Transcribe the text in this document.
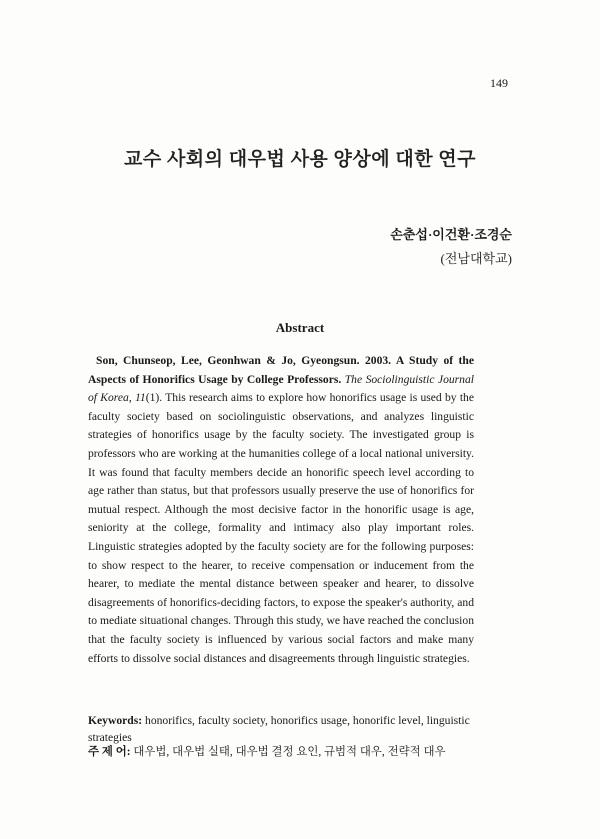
149
교수 사회의 대우법 사용 양상에 대한 연구
손춘섭·이건환·조경순
(전남대학교)
Abstract

Son, Chunseop, Lee, Geonhwan & Jo, Gyeongsun. 2003. A Study of the Aspects of Honorifics Usage by College Professors. The Sociolinguistic Journal of Korea, 11(1). This research aims to explore how honorifics usage is used by the faculty society based on sociolinguistic observations, and analyzes linguistic strategies of honorifics usage by the faculty society. The investigated group is professors who are working at the humanities college of a local national university. It was found that faculty members decide an honorific speech level according to age rather than status, but that professors usually preserve the use of honorifics for mutual respect. Although the most decisive factor in the honorific usage is age, seniority at the college, formality and intimacy also play important roles. Linguistic strategies adopted by the faculty society are for the following purposes: to show respect to the hearer, to receive compensation or inducement from the hearer, to mediate the mental distance between speaker and hearer, to dissolve disagreements of honorifics-deciding factors, to expose the speaker's authority, and to mediate situational changes. Through this study, we have reached the conclusion that the faculty society is influenced by various social factors and make many efforts to dissolve social distances and disagreements through linguistic strategies.

Keywords: honorifics, faculty society, honorifics usage, honorific level, linguistic strategies

주 제 어: 대우법, 대우법 실태, 대우법 결정 요인, 규범적 대우, 전략적 대우
